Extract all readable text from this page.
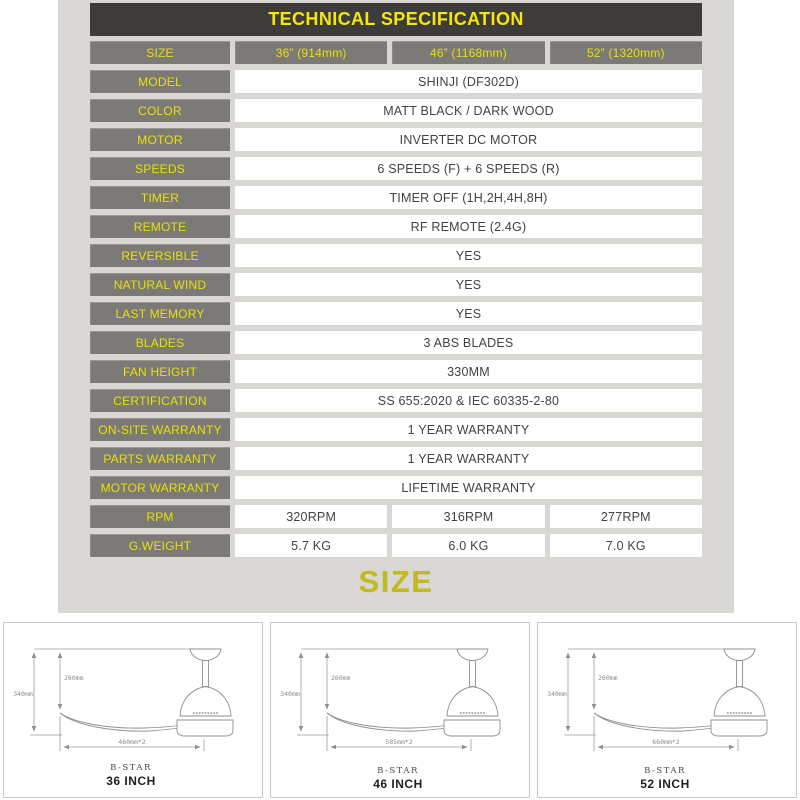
TECHNICAL SPECIFICATION
SIZE	36” (914mm)	46” (1168mm)	52” (1320mm)
MODEL	SHINJI (DF302D)
COLOR	MATT BLACK / DARK WOOD
MOTOR	INVERTER DC MOTOR
SPEEDS	6 SPEEDS (F) + 6 SPEEDS (R)
TIMER	TIMER OFF (1H,2H,4H,8H)
REMOTE	RF REMOTE (2.4G)
REVERSIBLE	YES
NATURAL WIND	YES
LAST MEMORY	YES
BLADES	3 ABS BLADES
FAN HEIGHT	330MM
CERTIFICATION	SS 655:2020 & IEC 60335-2-80
ON-SITE WARRANTY	1 YEAR WARRANTY
PARTS WARRANTY	1 YEAR WARRANTY
MOTOR WARRANTY	LIFETIME WARRANTY
RPM	320RPM	316RPM	277RPM
G.WEIGHT	5.7 KG	6.0 KG	7.0 KG
SIZE
340mm
260mm
460mm*2
B-STAR
36 INCH
340mm
260mm
585mm*2
B-STAR
46 INCH
340mm
260mm
660mm*2
B-STAR
52 INCH
